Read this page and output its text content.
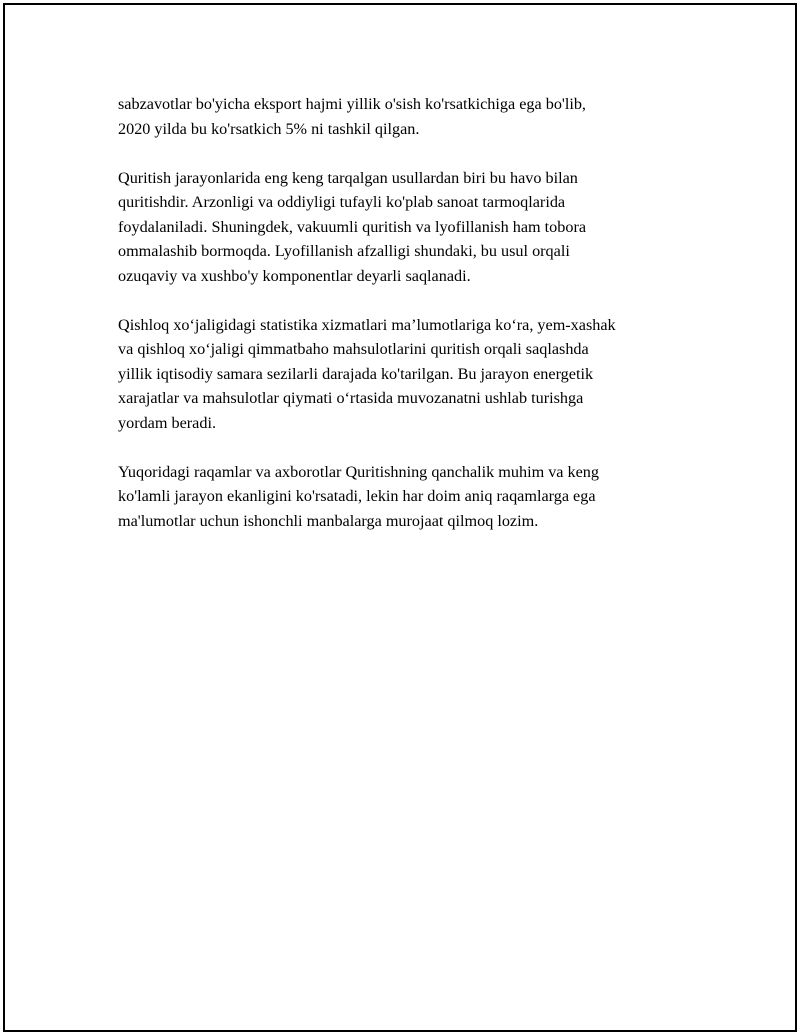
sabzavotlar bo'yicha eksport hajmi yillik o'sish ko'rsatkichiga ega bo'lib,
2020 yilda bu ko'rsatkich 5% ni tashkil qilgan.

Quritish jarayonlarida eng keng tarqalgan usullardan biri bu havo bilan
quritishdir. Arzonligi va oddiyligi tufayli ko'plab sanoat tarmoqlarida
foydalaniladi. Shuningdek, vakuumli quritish va lyofillanish ham tobora
ommalashib bormoqda. Lyofillanish afzalligi shundaki, bu usul orqali
ozuqaviy va xushbo'y komponentlar deyarli saqlanadi.

Qishloq xo‘jaligidagi statistika xizmatlari ma’lumotlariga ko‘ra, yem-xashak
va qishloq xo‘jaligi qimmatbaho mahsulotlarini quritish orqali saqlashda
yillik iqtisodiy samara sezilarli darajada ko'tarilgan. Bu jarayon energetik
xarajatlar va mahsulotlar qiymati o‘rtasida muvozanatni ushlab turishga
yordam beradi.

Yuqoridagi raqamlar va axborotlar Quritishning qanchalik muhim va keng
ko'lamli jarayon ekanligini ko'rsatadi, lekin har doim aniq raqamlarga ega
ma'lumotlar uchun ishonchli manbalarga murojaat qilmoq lozim.
